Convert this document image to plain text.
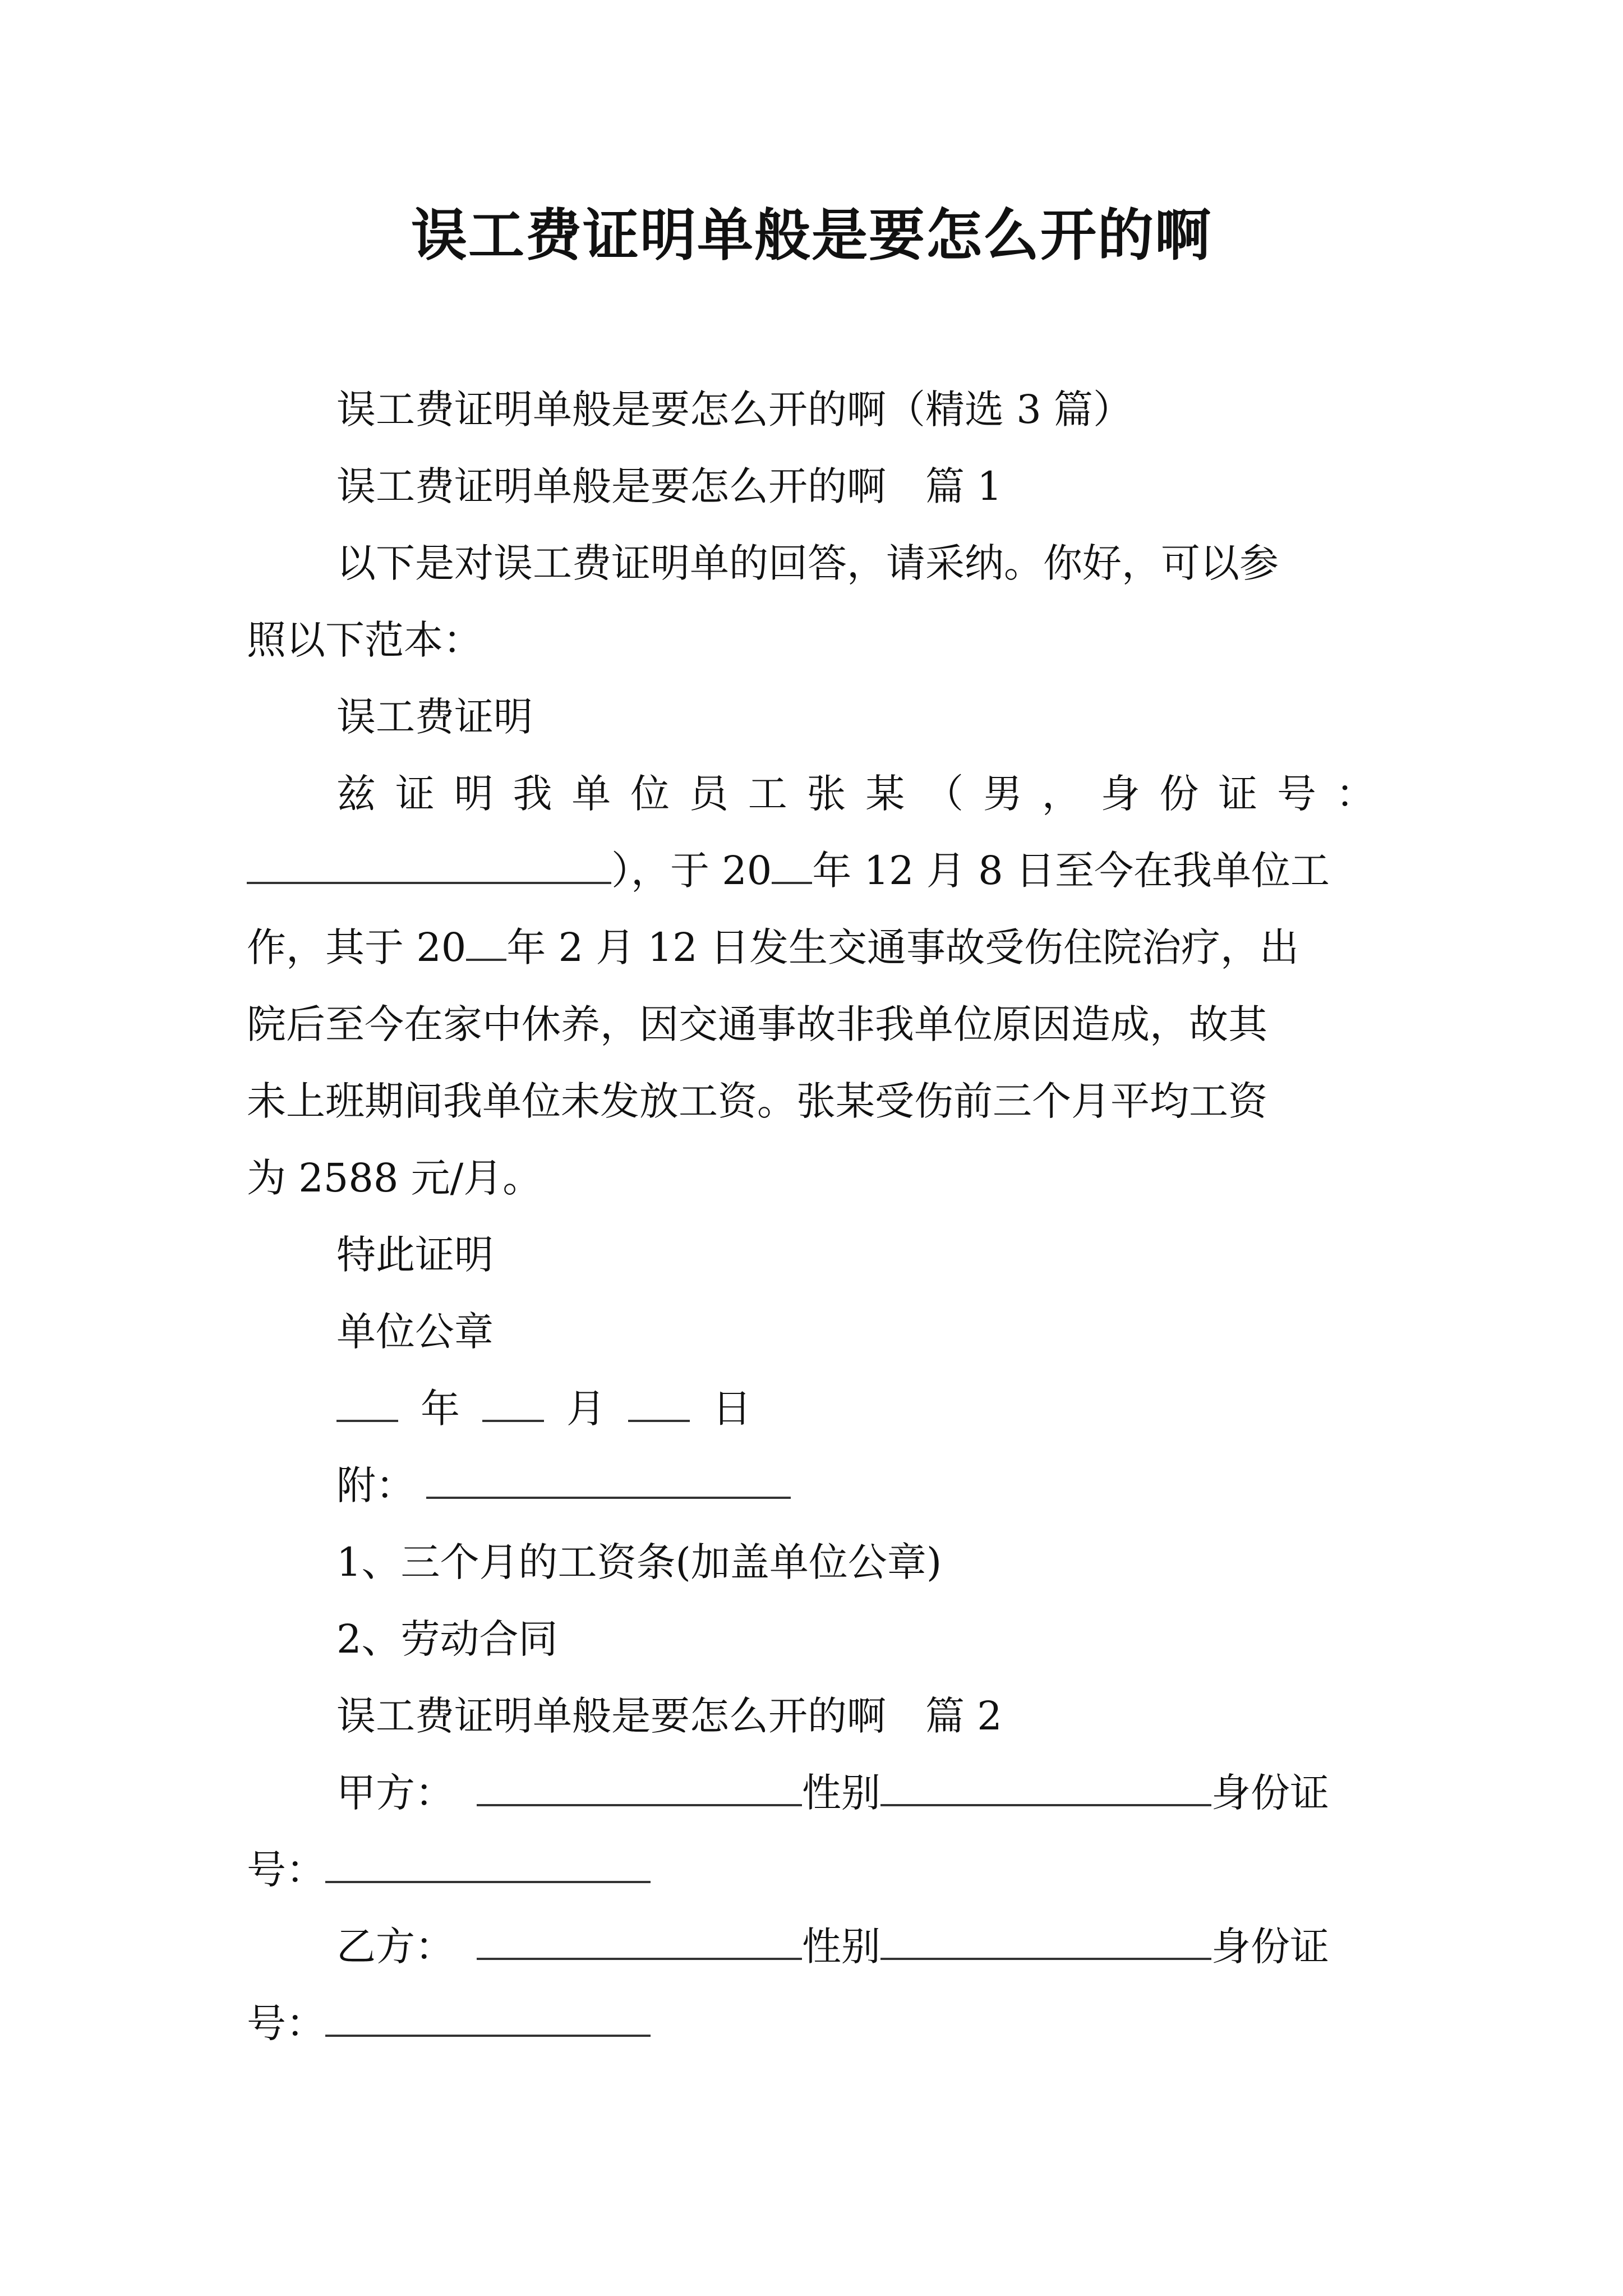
误工费证明单般是要怎么开的啊
误工费证明单般是要怎么开的啊（精选 3 篇）
误工费证明单般是要怎么开的啊　篇 1
以下是对误工费证明单的回答，请采纳。你好，可以参
照以下范本：
误工费证明
兹 证 明 我 单 位 员 工 张 某 （ 男 ， 身 份 证 号 ：
），于 20 年 12 月 8 日至今在我单位工
作，其于 20 年 2 月 12 日发生交通事故受伤住院治疗，出
院后至今在家中休养，因交通事故非我单位原因造成，故其
未上班期间我单位未发放工资。张某受伤前三个月平均工资
为 2588 元/月。
特此证明
单位公章
年	月	日
附：
1、三个月的工资条(加盖单位公章)
2、劳动合同
误工费证明单般是要怎么开的啊　篇 2
甲方：	性别	身份证
号：
乙方：	性别	身份证
号：
